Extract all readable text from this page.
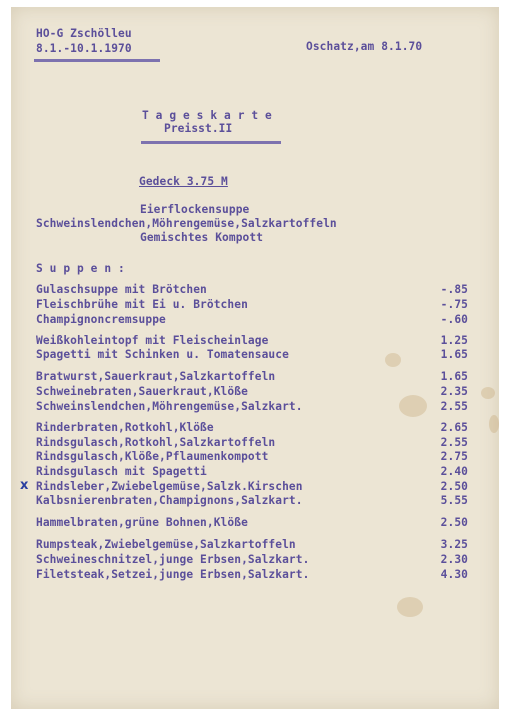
HO-G Zschölleu
8.1.-10.1.1970	Oschatz,am 8.1.70
T a g e s k a r t e
Preisst.II
Gedeck 3.75 M
Eierflockensuppe
Schweinslendchen,Möhrengemüse,Salzkartoffeln
Gemischtes Kompott
S u p p e n :
Gulaschsuppe mit Brötchen	-.85
Fleischbrühe mit Ei u. Brötchen	-.75
Champignoncremsuppe	-.60
Weißkohleintopf mit Fleischeinlage	1.25
Spagetti mit Schinken u. Tomatensauce	1.65
Bratwurst,Sauerkraut,Salzkartoffeln	1.65
Schweinebraten,Sauerkraut,Klöße	2.35
Schweinslendchen,Möhrengemüse,Salzkart.	2.55
Rinderbraten,Rotkohl,Klöße	2.65
Rindsgulasch,Rotkohl,Salzkartoffeln	2.55
Rindsgulasch,Klöße,Pflaumenkompott	2.75
Rindsgulasch mit Spagetti	2.40
x Rindsleber,Zwiebelgemüse,Salzk.Kirschen	2.50
Kalbsnierenbraten,Champignons,Salzkart.	5.55
Hammelbraten,grüne Bohnen,Klöße	2.50
Rumpsteak,Zwiebelgemüse,Salzkartoffeln	3.25
Schweineschnitzel,junge Erbsen,Salzkart.	2.30
Filetsteak,Setzei,junge Erbsen,Salzkart.	4.30
